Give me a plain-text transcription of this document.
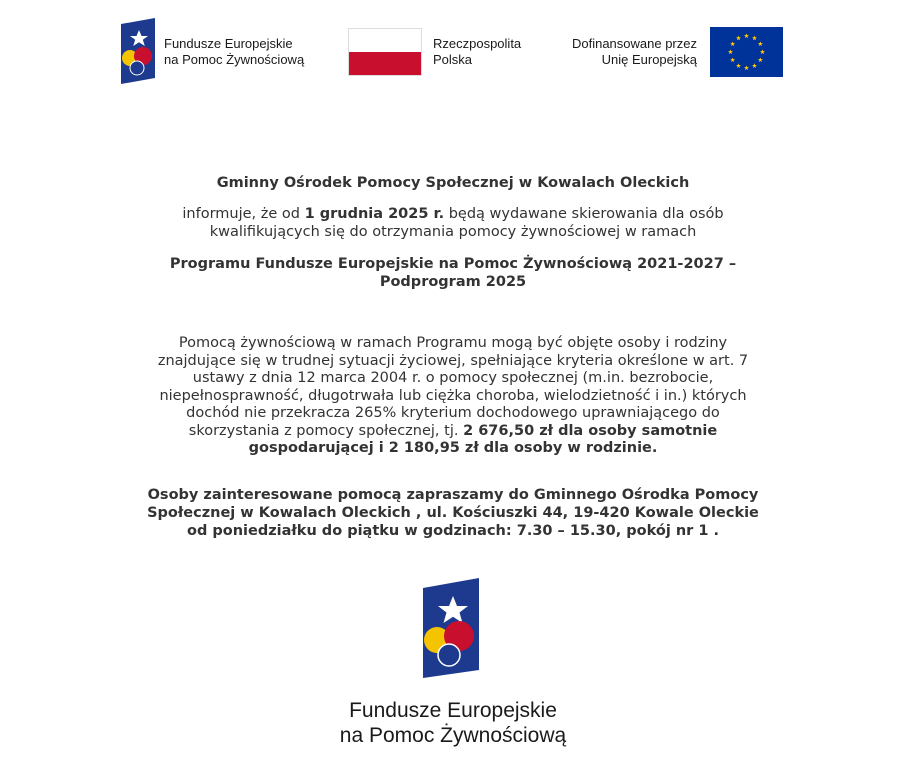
Fundusze Europejskie
na Pomoc Żywnościową
Rzeczpospolita
Polska
Dofinansowane przez
Unię Europejską
Gminny Ośrodek Pomocy Społecznej w Kowalach Oleckich
informuje, że od 1 grudnia 2025 r. będą wydawane skierowania dla osób
kwalifikujących się do otrzymania pomocy żywnościowej w ramach
Programu Fundusze Europejskie na Pomoc Żywnościową 2021-2027 –
Podprogram 2025
Pomocą żywnościową w ramach Programu mogą być objęte osoby i rodziny
znajdujące się w trudnej sytuacji życiowej, spełniające kryteria określone w art. 7
ustawy z dnia 12 marca 2004 r. o pomocy społecznej (m.in. bezrobocie,
niepełnosprawność, długotrwała lub ciężka choroba, wielodzietność i in.) których
dochód nie przekracza 265% kryterium dochodowego uprawniającego do
skorzystania z pomocy społecznej, tj. 2 676,50 zł dla osoby samotnie
gospodarującej i 2 180,95 zł dla osoby w rodzinie.
Osoby zainteresowane pomocą zapraszamy do Gminnego Ośrodka Pomocy
Społecznej w Kowalach Oleckich , ul. Kościuszki 44, 19-420 Kowale Oleckie
od poniedziałku do piątku w godzinach: 7.30 – 15.30, pokój nr 1 .
Fundusze Europejskie
na Pomoc Żywnościową
